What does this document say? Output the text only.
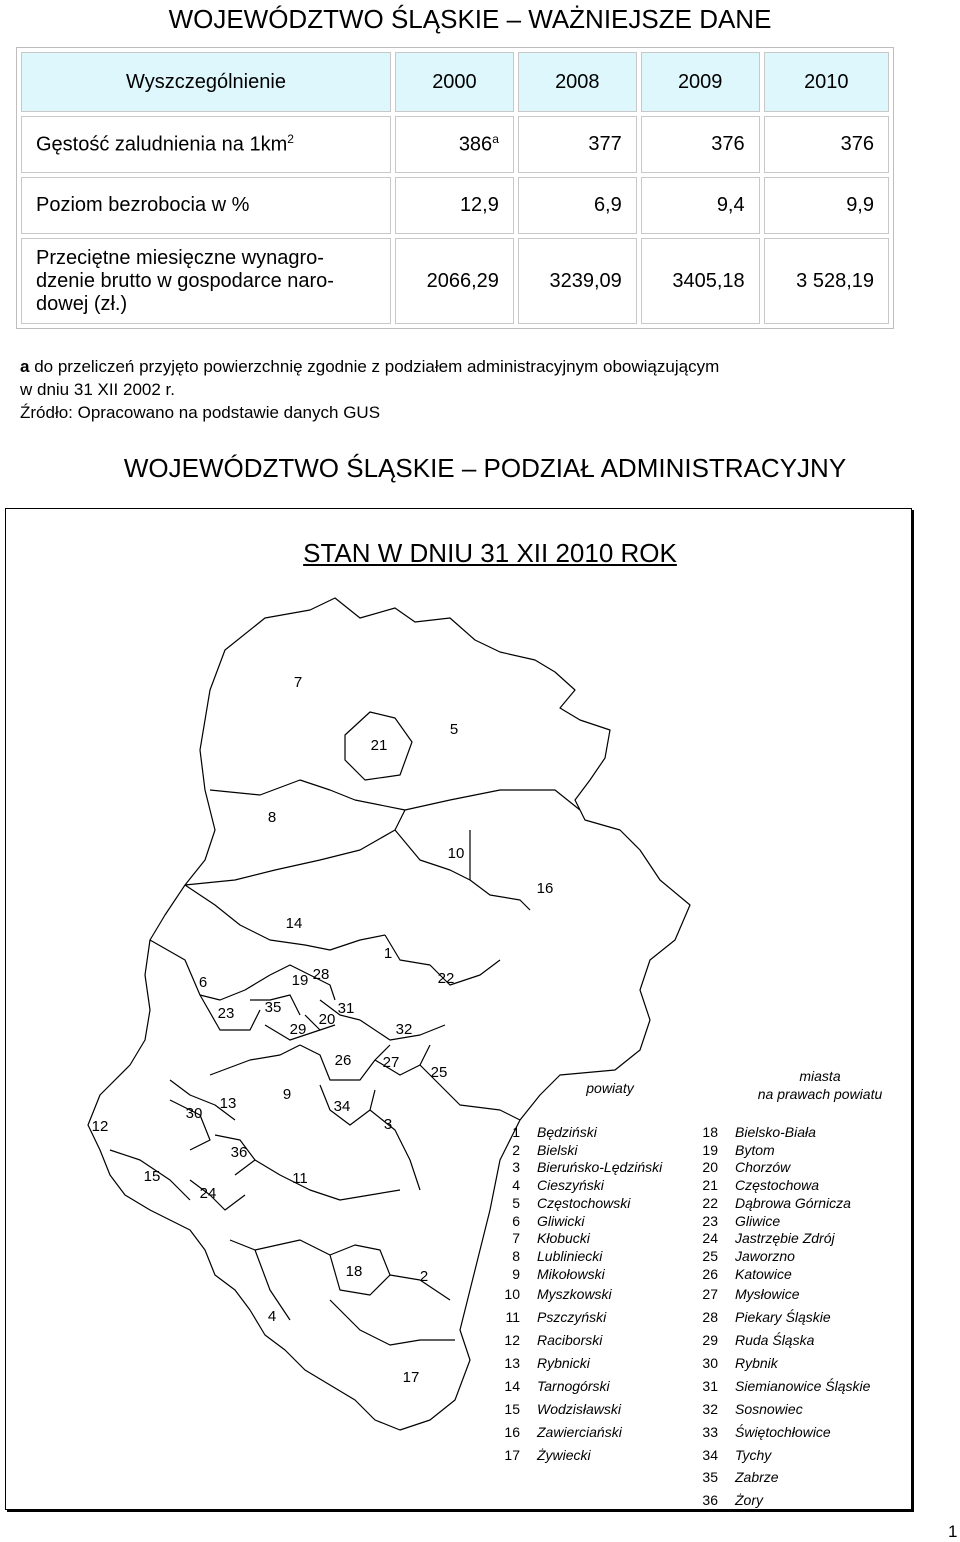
WOJEWÓDZTWO ŚLĄSKIE – WAŻNIEJSZE DANE
Wyszczególnienie	2000	2008	2009	2010
Gęstość zaludnienia na $1km^2$	386$^a$	377	376	376
Poziom bezrobocia w %	12,9	6,9	9,4	9,9

Przeciętne miesięczne wynagro-
dzenie brutto w gospodarce naro-
dowej (zł.)	2066,29	3239,09	3405,18	3 528,19
a do przeliczeń przyjęto powierzchnię zgodnie z podziałem administracyjnym obowiązującym
w dniu 31 XII 2002 r.
Źródło: Opracowano na podstawie danych GUS
WOJEWÓDZTWO ŚLĄSKIE – PODZIAŁ ADMINISTRACYJNY
STAN W DNIU 31 XII 2010 ROK
7
21
5
8
10
16
14
1
6	19 28	22
23 35	31
29
20
32
26 27
25
9
13
30	34
12	3
36
15	11
24
18	2
4
17
powiaty
miasta
na prawach powiatu
1 Będziński
2 Bielski
3 Bieruńsko-Lędziński
4 Cieszyński
5 Częstochowski
6 Gliwicki
7 Kłobucki
8 Lubliniecki
9 Mikołowski
10 Myszkowski
11 Pszczyński
12 Raciborski
13 Rybnicki
14 Tarnogórski
15 Wodzisławski
16 Zawierciański
17 Żywiecki
18 Bielsko-Biała
19 Bytom
20 Chorzów
21 Częstochowa
22 Dąbrowa Górnicza
23 Gliwice
24 Jastrzębie Zdrój
25 Jaworzno
26 Katowice
27 Mysłowice
28 Piekary Śląskie
29 Ruda Śląska
30 Rybnik
31 Siemianowice Śląskie
32 Sosnowiec
33 Świętochłowice
34 Tychy
35 Zabrze
36 Żory
1
